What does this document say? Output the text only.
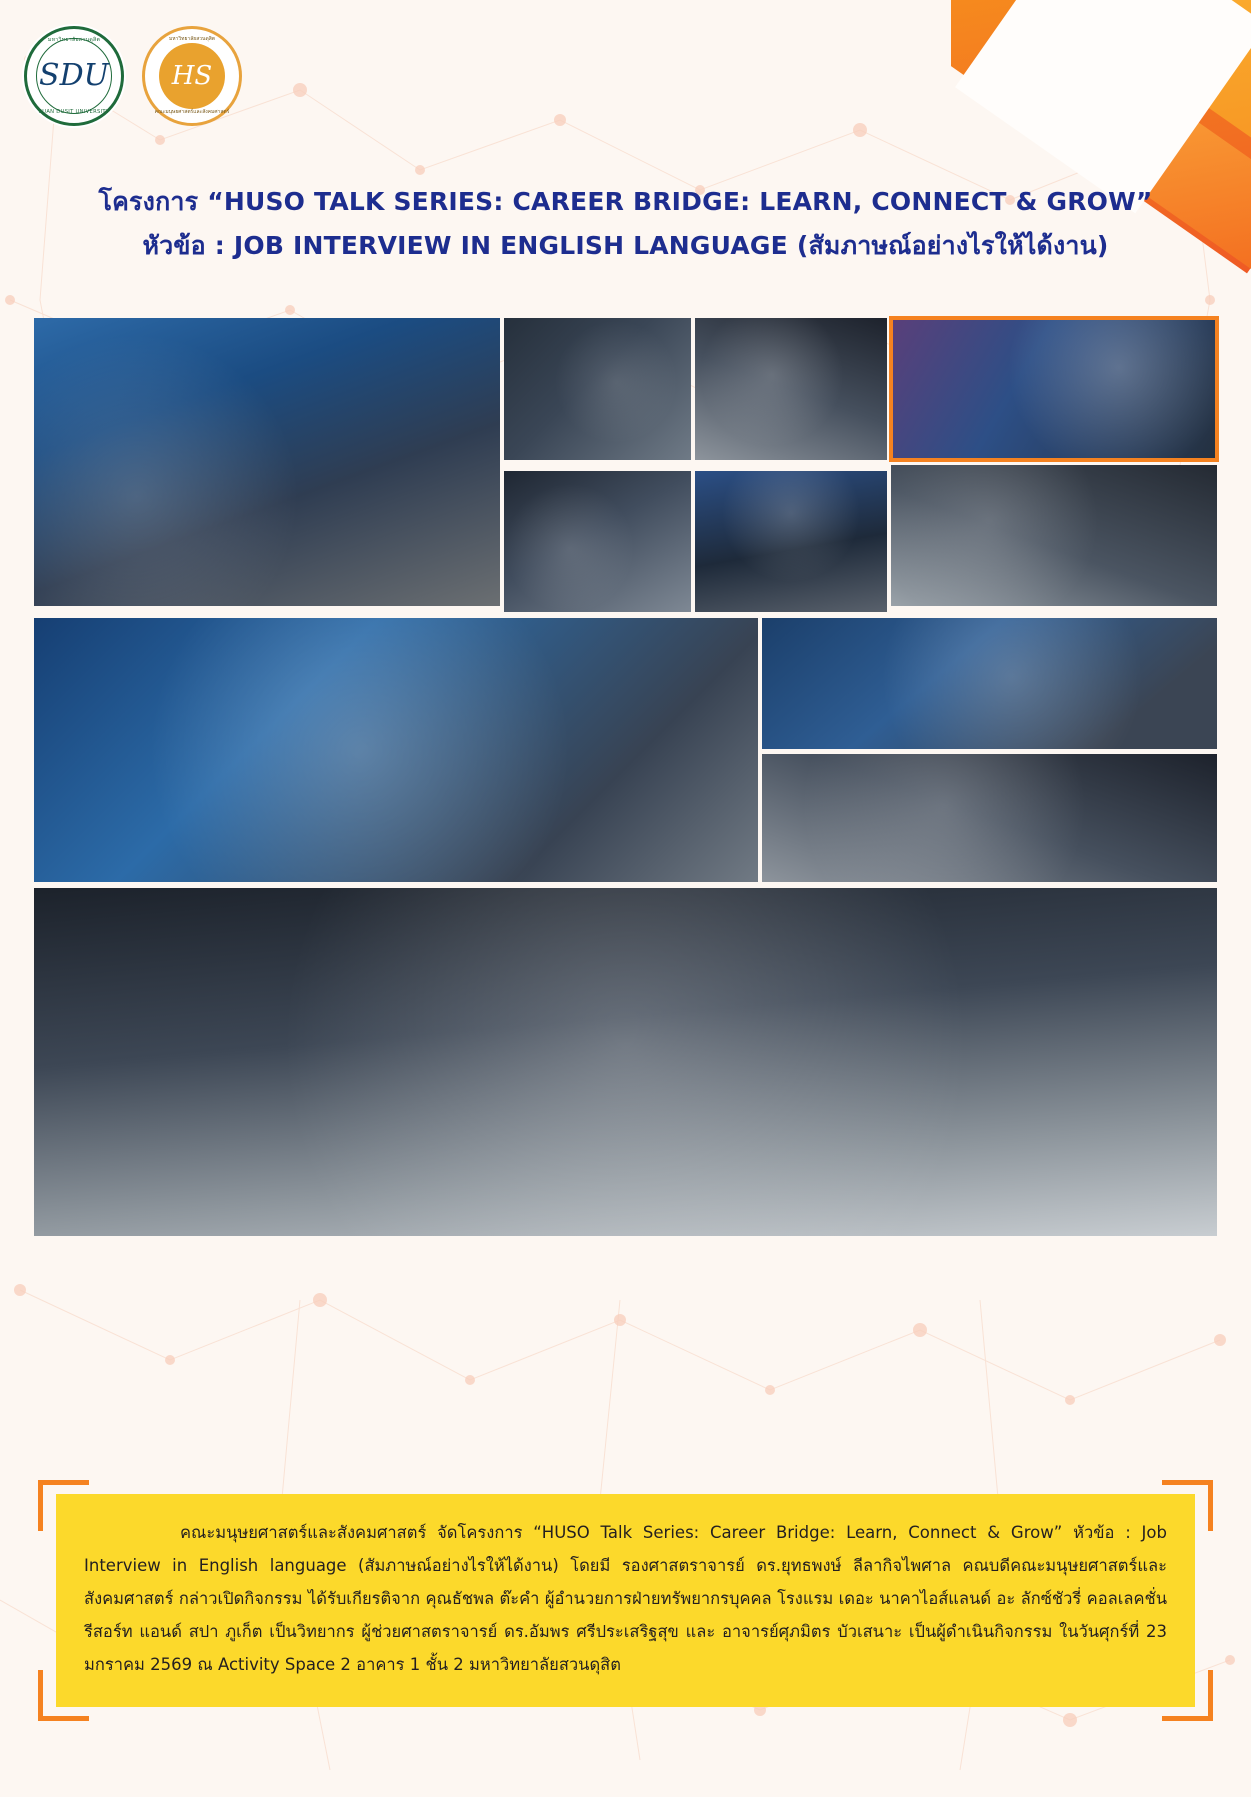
มหาวิทยาลัยสวนดุสิต
SDU
SUAN DUSIT UNIVERSITY
มหาวิทยาลัยสวนดุสิต
HS
คณะมนุษยศาสตร์และสังคมศาสตร์
โครงการ “HUSO TALK SERIES: CAREER BRIDGE: LEARN, CONNECT & GROW”
หัวข้อ : JOB INTERVIEW IN ENGLISH LANGUAGE (สัมภาษณ์อย่างไรให้ได้งาน)
คณะมนุษยศาสตร์และสังคมศาสตร์ จัดโครงการ “HUSO Talk Series: Career Bridge: Learn, Connect & Grow” หัวข้อ : Job Interview in English language (สัมภาษณ์อย่างไรให้ได้งาน) โดยมี รองศาสตราจารย์ ดร.ยุทธพงษ์ ลีลากิจไพศาล คณบดีคณะมนุษยศาสตร์และสังคมศาสตร์ กล่าวเปิดกิจกรรม ได้รับเกียรติจาก คุณธัชพล ต๊ะคำ ผู้อำนวยการฝ่ายทรัพยากรบุคคล โรงแรม เดอะ นาคาไอส์แลนด์ อะ ลักซ์ชัวรี่ คอลเลคชั่น รีสอร์ท แอนด์ สปา ภูเก็ต เป็นวิทยากร ผู้ช่วยศาสตราจารย์ ดร.อัมพร ศรีประเสริฐสุข และ อาจารย์ศุภมิตร บัวเสนาะ เป็นผู้ดำเนินกิจกรรม ในวันศุกร์ที่ 23 มกราคม 2569 ณ Activity Space 2 อาคาร 1 ชั้น 2 มหาวิทยาลัยสวนดุสิต
